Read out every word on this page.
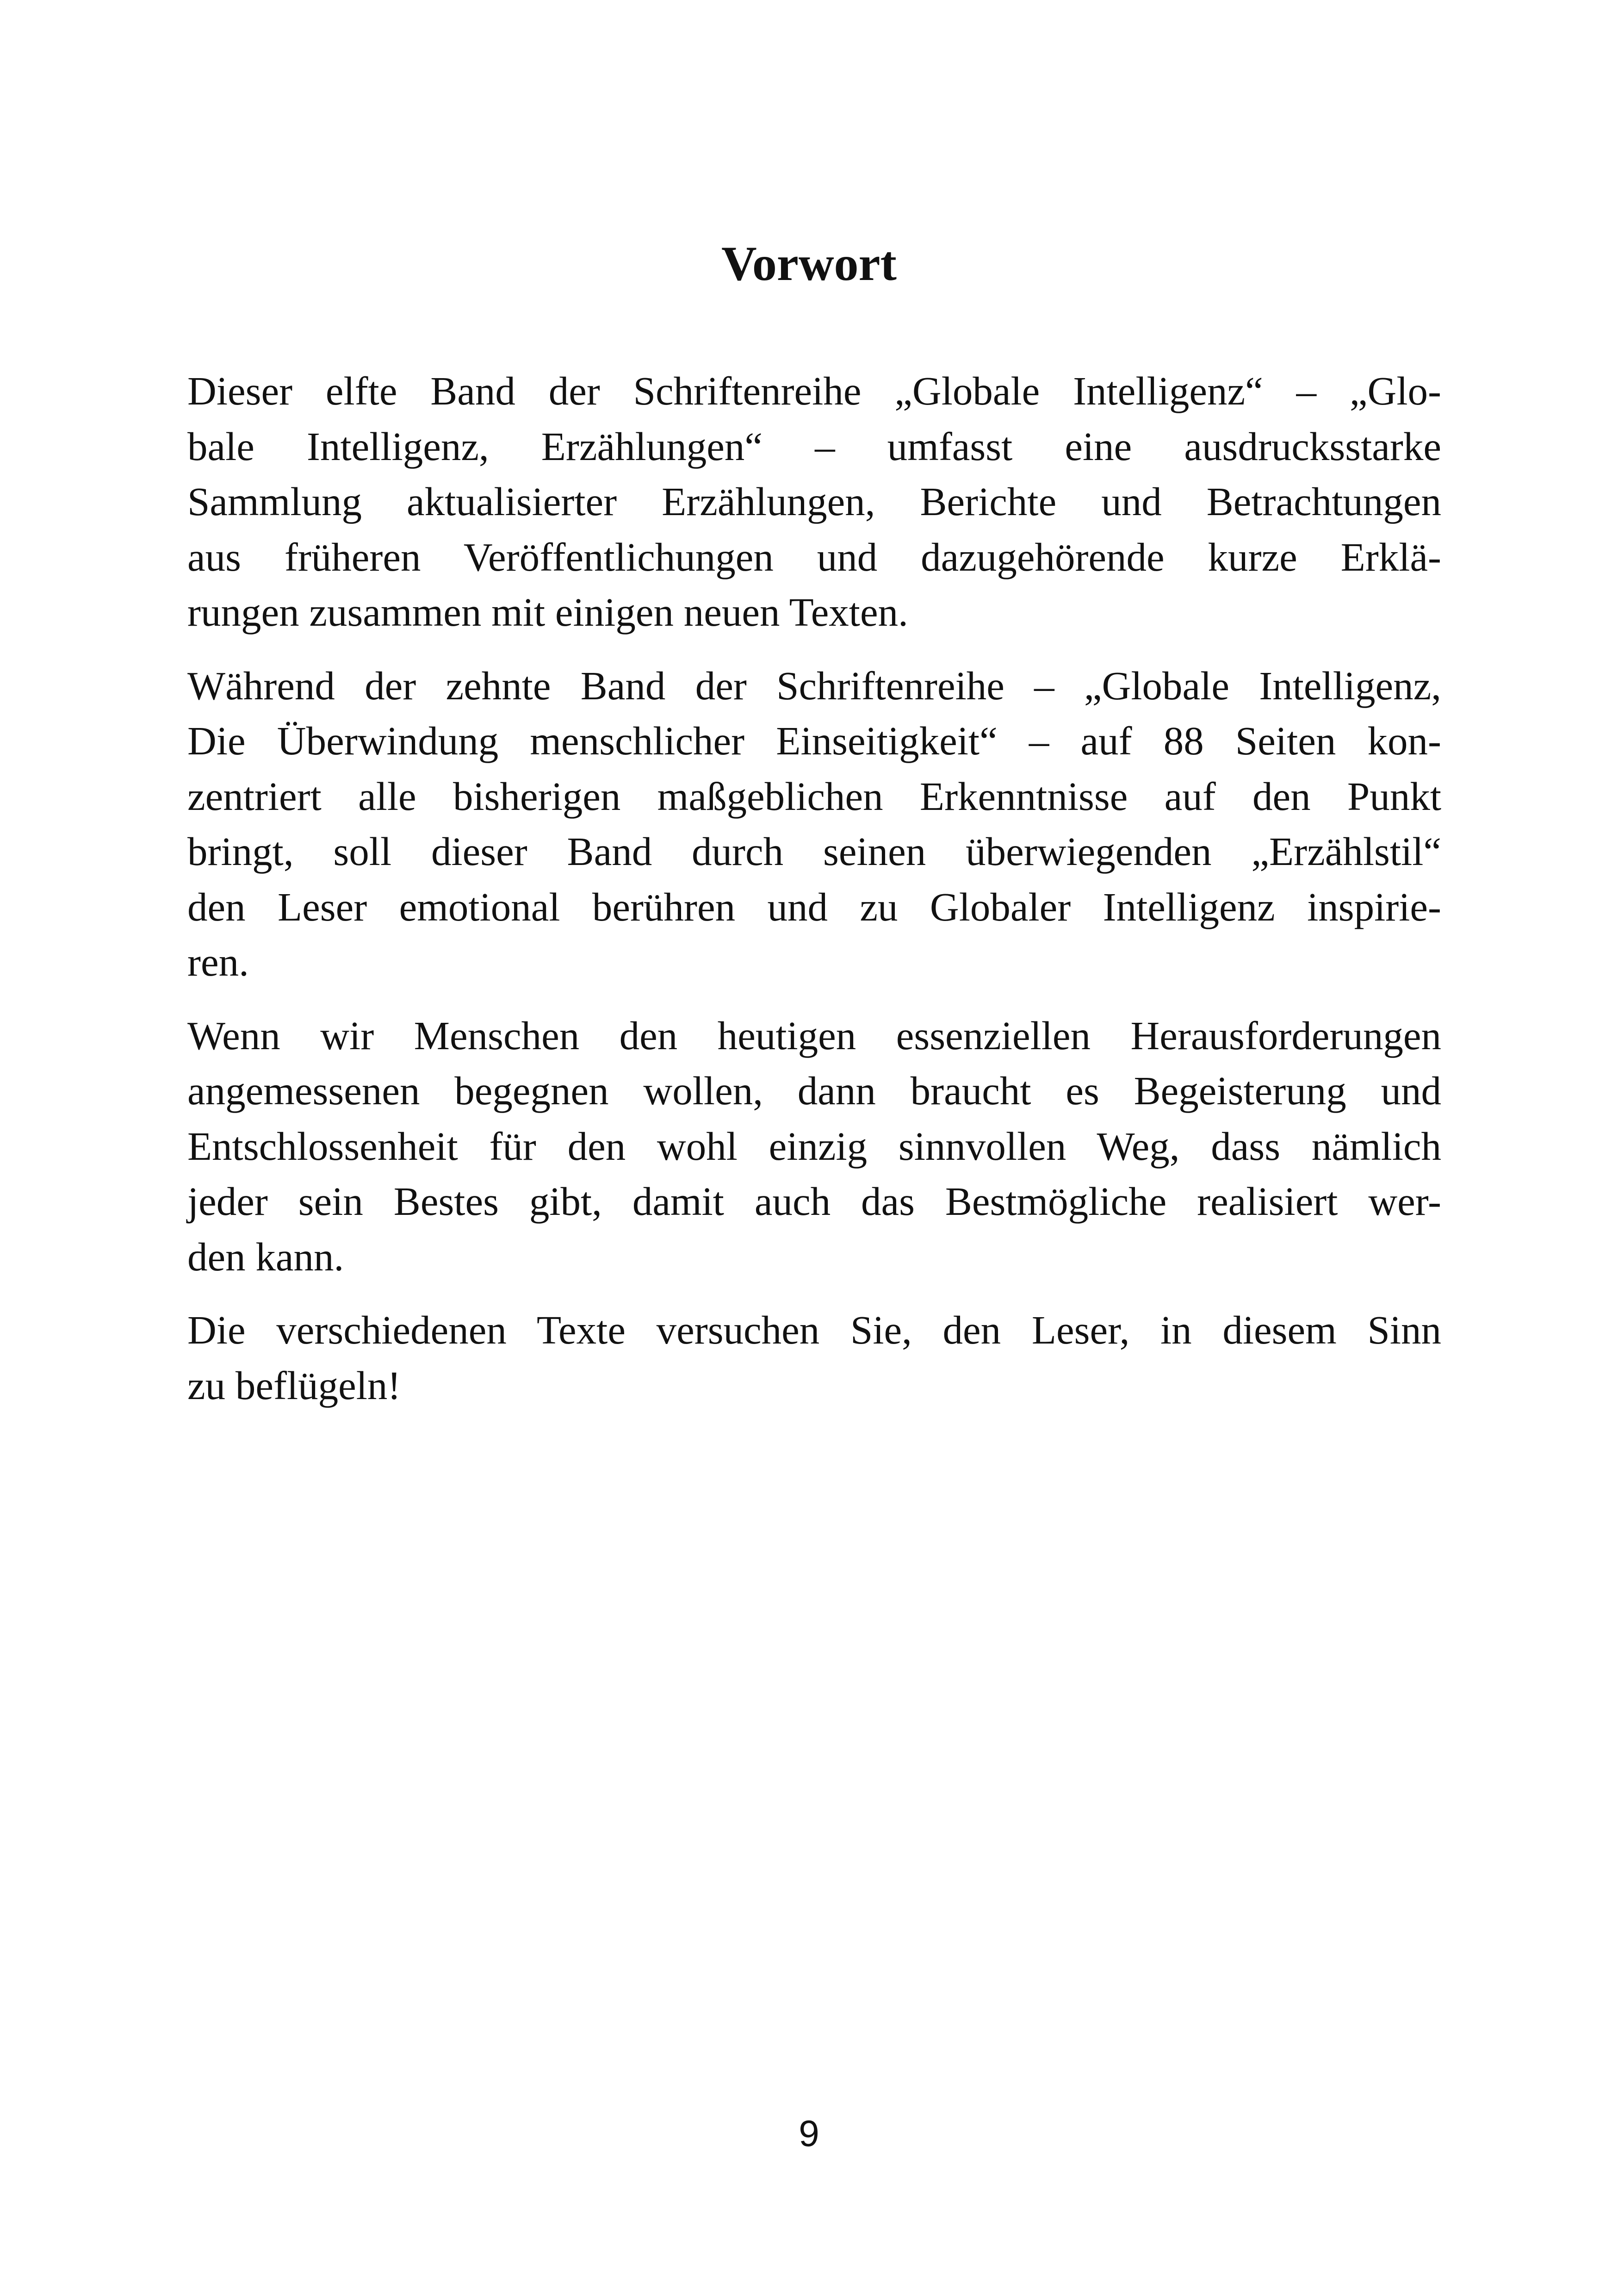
Vorwort

Dieser elfte Band der Schriftenreihe „Globale Intelligenz“ – „Glo-
bale Intelligenz, Erzählungen“ – umfasst eine ausdrucksstarke
Sammlung aktualisierter Erzählungen, Berichte und Betrachtungen
aus früheren Veröffentlichungen und dazugehörende kurze Erklä-
rungen zusammen mit einigen neuen Texten.

Während der zehnte Band der Schriftenreihe – „Globale Intelligenz,
Die Überwindung menschlicher Einseitigkeit“ – auf 88 Seiten kon-
zentriert alle bisherigen maßgeblichen Erkenntnisse auf den Punkt
bringt, soll dieser Band durch seinen überwiegenden „Erzählstil“
den Leser emotional berühren und zu Globaler Intelligenz inspirie-
ren.

Wenn wir Menschen den heutigen essenziellen Herausforderungen
angemessenen begegnen wollen, dann braucht es Begeisterung und
Entschlossenheit für den wohl einzig sinnvollen Weg, dass nämlich
jeder sein Bestes gibt, damit auch das Bestmögliche realisiert wer-
den kann.

Die verschiedenen Texte versuchen Sie, den Leser, in diesem Sinn
zu beflügeln!

9
